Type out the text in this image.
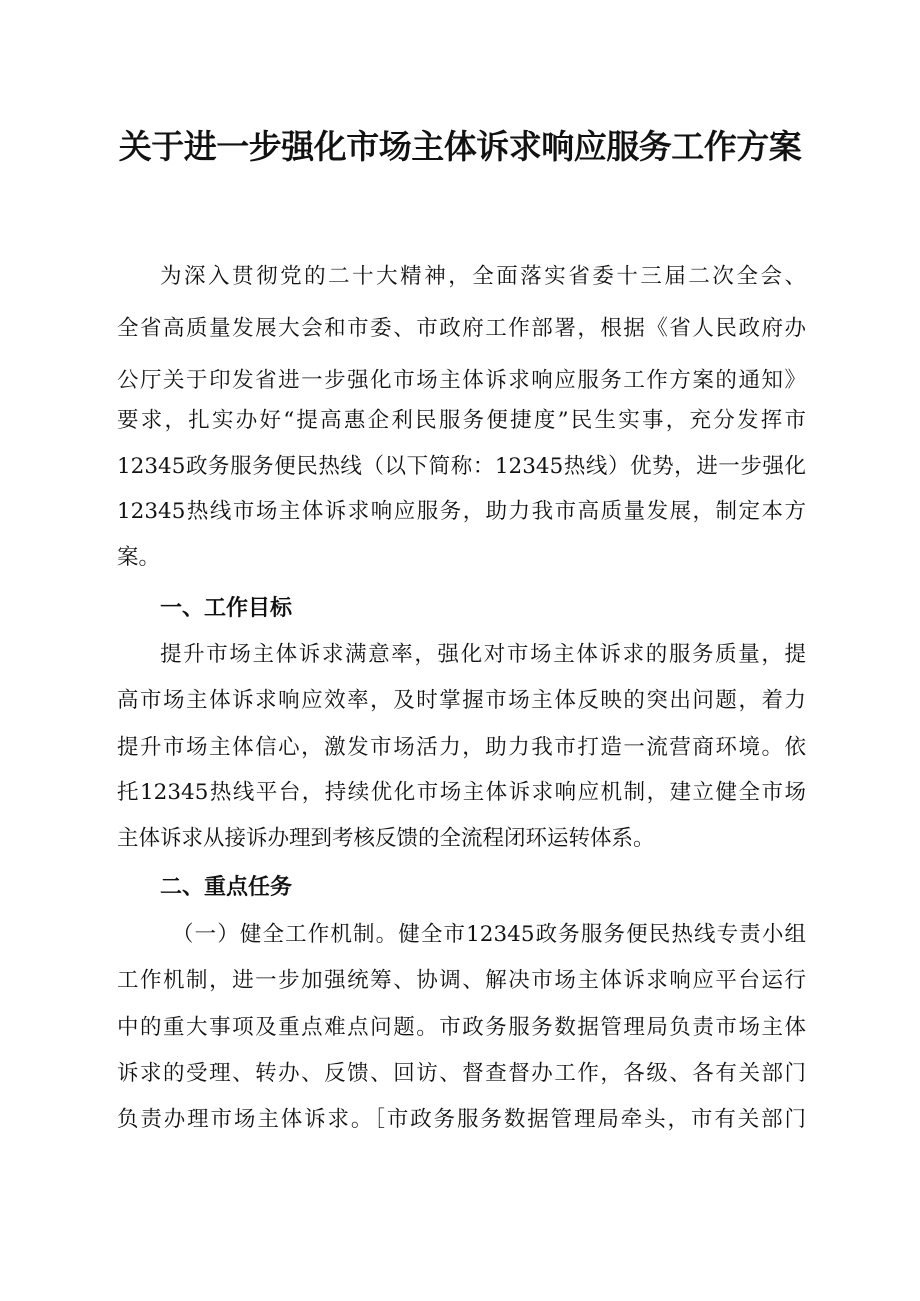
关于进一步强化市场主体诉求响应服务工作方案

为深入贯彻党的二十大精神，全面落实省委十三届二次全会、

全省高质量发展大会和市委、市政府工作部署，根据《省人民政府办

公厅关于印发省进一步强化市场主体诉求响应服务工作方案的通知》

要求，扎实办好“提高惠企利民服务便捷度”民生实事，充分发挥市

12345政务服务便民热线（以下简称：12345热线）优势，进一步强化

12345热线市场主体诉求响应服务，助力我市高质量发展，制定本方

案。

一、工作目标

提升市场主体诉求满意率，强化对市场主体诉求的服务质量，提

高市场主体诉求响应效率，及时掌握市场主体反映的突出问题，着力

提升市场主体信心，激发市场活力，助力我市打造一流营商环境。依

托12345热线平台，持续优化市场主体诉求响应机制，建立健全市场

主体诉求从接诉办理到考核反馈的全流程闭环运转体系。

二、重点任务

（一）健全工作机制。健全市12345政务服务便民热线专责小组

工作机制，进一步加强统筹、协调、解决市场主体诉求响应平台运行

中的重大事项及重点难点问题。市政务服务数据管理局负责市场主体

诉求的受理、转办、反馈、回访、督查督办工作，各级、各有关部门

负责办理市场主体诉求。［市政务服务数据管理局牵头，市有关部门
